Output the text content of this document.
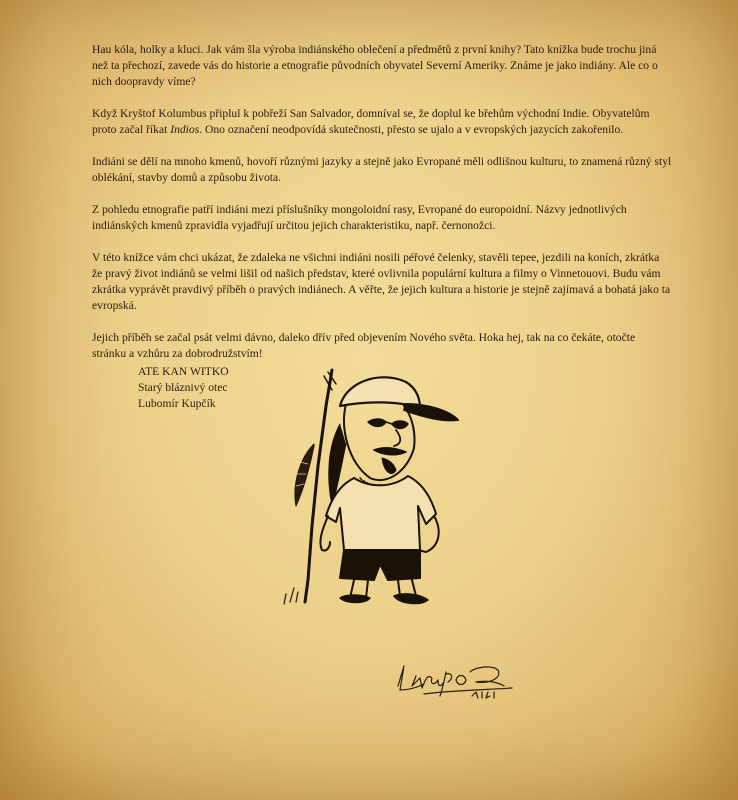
Hau kóla, holky a kluci. Jak vám šla výroba indiánského oblečení a předmětů z první knihy? Tato knížka bude trochu jiná než ta přechozí, zavede vás do historie a etnografie původních obyvatel Severní Ameriky. Známe je jako indiány. Ale co o nich doopravdy víme?

Když Kryštof Kolumbus připlul k pobřeží San Salvador, domníval se, že doplul ke břehům východní Indie. Obyvatelům proto začal říkat Indios. Ono označení neodpovídá skutečnosti, přesto se ujalo a v evropských jazycích zakořenilo.

Indiáni se dělí na mnoho kmenů, hovoří různými jazyky a stejně jako Evropané měli odlišnou kulturu, to znamená různý styl oblékání, stavby domů a způsobu života.

Z pohledu etnografie patří indiáni mezi příslušníky mongoloidní rasy, Evropané do europoidní. Názvy jednotlivých indiánských kmenů zpravidla vyjadřují určitou jejich charakteristiku, např. černonožci.

V této knížce vám chci ukázat, že zdaleka ne všichni indiáni nosili péřové čelenky, stavěli tepee, jezdili na koních, zkrátka že pravý život indiánů se velmi lišil od našich představ, které ovlivnila populární kultura a filmy o Vinnetouovi. Budu vám zkrátka vyprávět pravdivý příběh o pravých indiánech. A věřte, že jejich kultura a historie je stejně zajímavá a bohatá jako ta evropská.

Jejich příběh se začal psát velmi dávno, daleko dřív před objevením Nového světa. Hoka hej, tak na co čekáte, otočte stránku a vzhůru za dobrodružstvím!

ATE KAN WITKO
Starý bláznivý otec
Lubomír Kupčík
